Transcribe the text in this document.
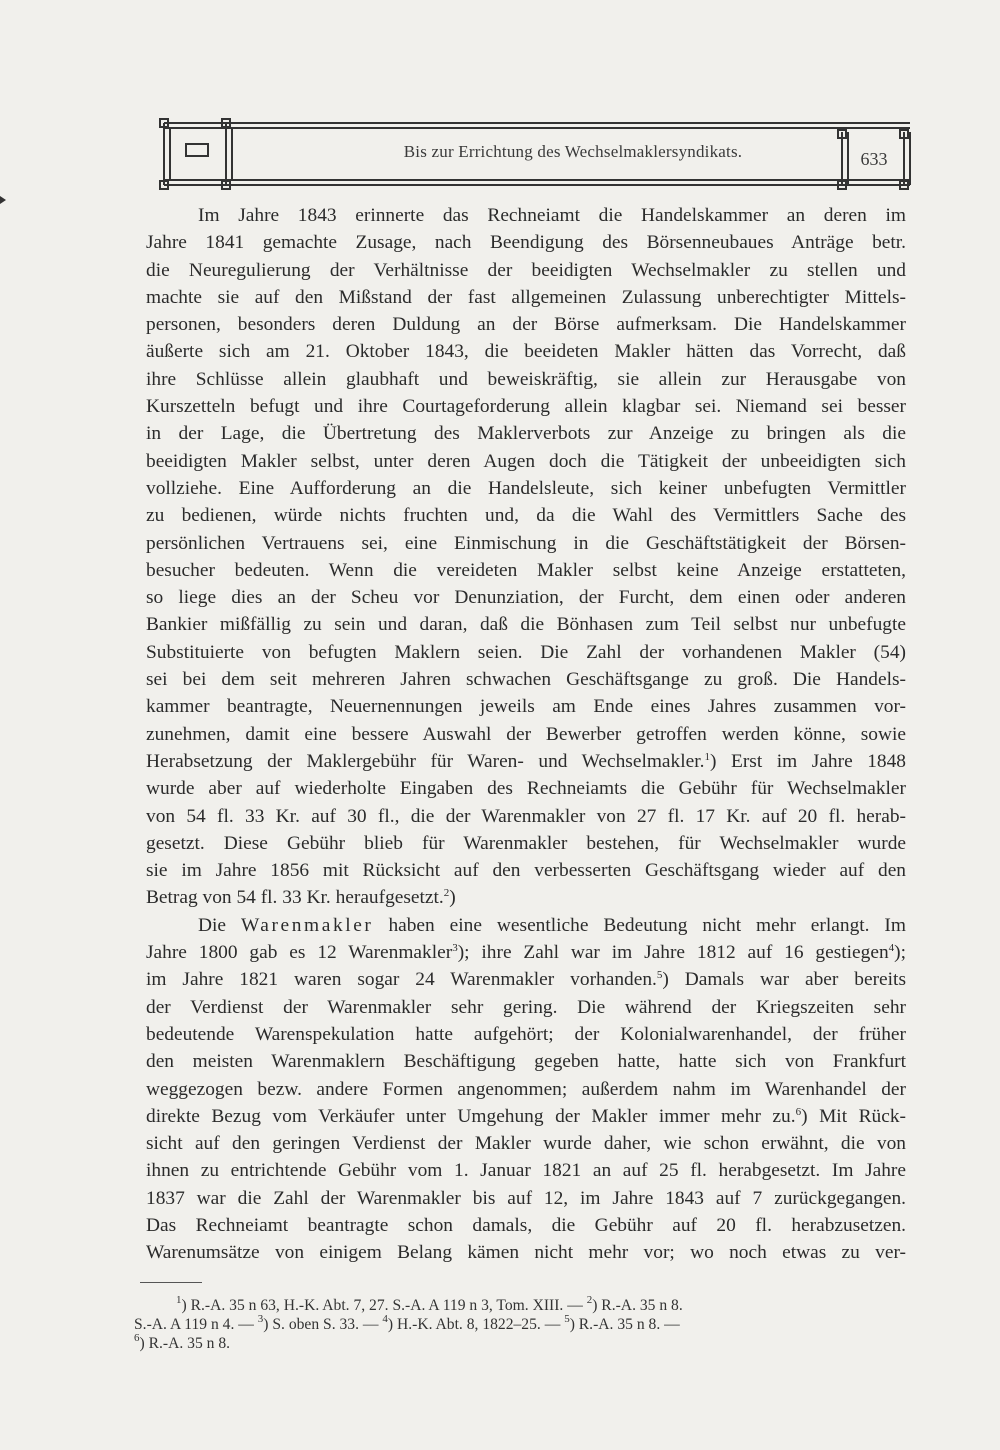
Bis zur Errichtung des Wechselmaklersyndikats.	633

Im Jahre 1843 erinnerte das Rechneiamt die Handelskammer an deren im

Jahre 1841 gemachte Zusage, nach Beendigung des Börsenneubaues Anträge betr.

die Neuregulierung der Verhältnisse der beeidigten Wechselmakler zu stellen und

machte sie auf den Mißstand der fast allgemeinen Zulassung unberechtigter Mittels-

personen, besonders deren Duldung an der Börse aufmerksam. Die Handelskammer

äußerte sich am 21. Oktober 1843, die beeideten Makler hätten das Vorrecht, daß

ihre Schlüsse allein glaubhaft und beweiskräftig, sie allein zur Herausgabe von

Kurszetteln befugt und ihre Courtageforderung allein klagbar sei. Niemand sei besser

in der Lage, die Übertretung des Maklerverbots zur Anzeige zu bringen als die

beeidigten Makler selbst, unter deren Augen doch die Tätigkeit der unbeeidigten sich

vollziehe. Eine Aufforderung an die Handelsleute, sich keiner unbefugten Vermittler

zu bedienen, würde nichts fruchten und, da die Wahl des Vermittlers Sache des

persönlichen Vertrauens sei, eine Einmischung in die Geschäftstätigkeit der Börsen-

besucher bedeuten. Wenn die vereideten Makler selbst keine Anzeige erstatteten,

so liege dies an der Scheu vor Denunziation, der Furcht, dem einen oder anderen

Bankier mißfällig zu sein und daran, daß die Bönhasen zum Teil selbst nur unbefugte

Substituierte von befugten Maklern seien. Die Zahl der vorhandenen Makler (54)

sei bei dem seit mehreren Jahren schwachen Geschäftsgange zu groß. Die Handels-

kammer beantragte, Neuernennungen jeweils am Ende eines Jahres zusammen vor-

zunehmen, damit eine bessere Auswahl der Bewerber getroffen werden könne, sowie

Herabsetzung der Maklergebühr für Waren- und Wechselmakler.$^1$) Erst im Jahre 1848

wurde aber auf wiederholte Eingaben des Rechneiamts die Gebühr für Wechselmakler

von 54 fl. 33 Kr. auf 30 fl., die der Warenmakler von 27 fl. 17 Kr. auf 20 fl. herab-

gesetzt. Diese Gebühr blieb für Warenmakler bestehen, für Wechselmakler wurde

sie im Jahre 1856 mit Rücksicht auf den verbesserten Geschäftsgang wieder auf den

Betrag von 54 fl. 33 Kr. heraufgesetzt.$^2$)

Die Warenmakler haben eine wesentliche Bedeutung nicht mehr erlangt. Im

Jahre 1800 gab es 12 Warenmakler$^3$); ihre Zahl war im Jahre 1812 auf 16 gestiegen$^4$);

im Jahre 1821 waren sogar 24 Warenmakler vorhanden.$^5$) Damals war aber bereits

der Verdienst der Warenmakler sehr gering. Die während der Kriegszeiten sehr

bedeutende Warenspekulation hatte aufgehört; der Kolonialwarenhandel, der früher

den meisten Warenmaklern Beschäftigung gegeben hatte, hatte sich von Frankfurt

weggezogen bezw. andere Formen angenommen; außerdem nahm im Warenhandel der

direkte Bezug vom Verkäufer unter Umgehung der Makler immer mehr zu.$^6$) Mit Rück-

sicht auf den geringen Verdienst der Makler wurde daher, wie schon erwähnt, die von

ihnen zu entrichtende Gebühr vom 1. Januar 1821 an auf 25 fl. herabgesetzt. Im Jahre

1837 war die Zahl der Warenmakler bis auf 12, im Jahre 1843 auf 7 zurückgegangen.

Das Rechneiamt beantragte schon damals, die Gebühr auf 20 fl. herabzusetzen.

Warenumsätze von einigem Belang kämen nicht mehr vor; wo noch etwas zu ver-

$^1$) R.-A. 35 n 63, H.-K. Abt. 7, 27. S.-A. A 119 n 3, Tom. XIII. — $^2$) R.-A. 35 n 8.

S.-A. A 119 n 4. — $^3$) S. oben S. 33. — $^4$) H.-K. Abt. 8, 1822–25. — $^5$) R.-A. 35 n 8. —

$^6$) R.-A. 35 n 8.
